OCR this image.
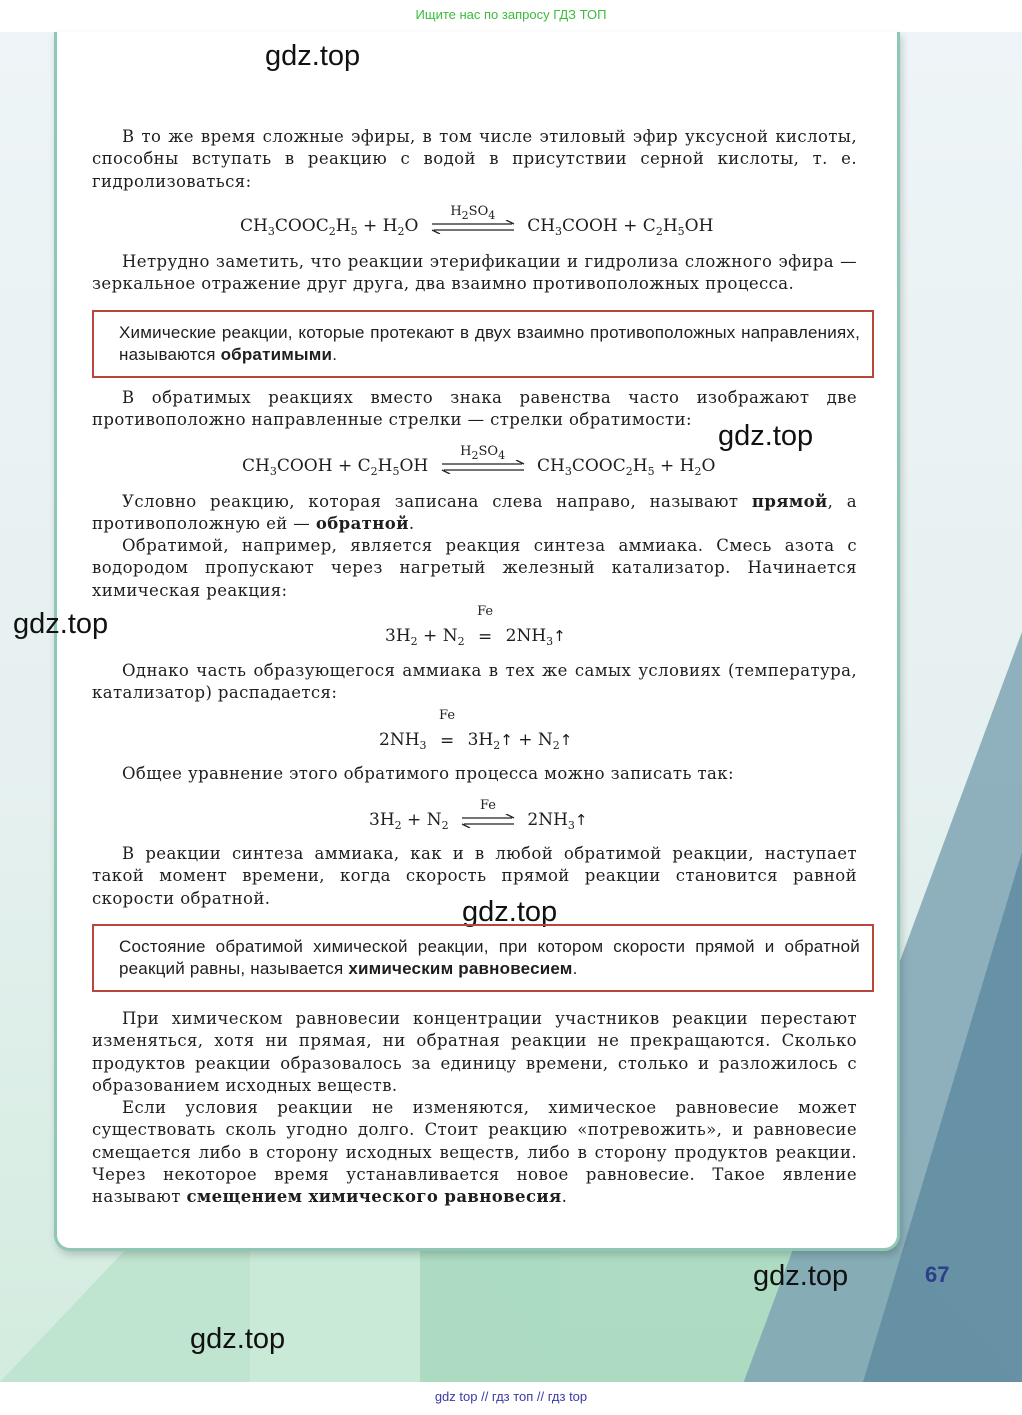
Ищите нас по запросу ГДЗ ТОП
gdz.top
gdz.top
gdz.top
gdz.top
gdz.top
gdz.top
В то же время сложные эфиры, в том числе этиловый эфир уксусной кислоты, способны вступать в реакцию с водой в присутствии серной кислоты, т. е. гидролизоваться:
$CH_3COOC_2H_5 + H_2O$
$H_2SO_4$
$CH_3COOH + C_2H_5OH$
Нетрудно заметить, что реакции этерификации и гидролиза сложного эфира — зеркальное отражение друг друга, два взаимно противоположных процесса.
Химические реакции, которые протекают в двух взаимно противоположных направлениях, называются обратимыми.
В обратимых реакциях вместо знака равенства часто изображают две противоположно направленные стрелки — стрелки обратимости:
$CH_3COOH + C_2H_5OH$
$H_2SO_4$
$CH_3COOC_2H_5 + H_2O$
Условно реакцию, которая записана слева направо, называют прямой, а противоположную ей — обратной.
Обратимой, например, является реакция синтеза аммиака. Смесь азота с водородом пропускают через нагретый железный катализатор. Начинается химическая реакция:
$3H_2 + N_2$
Fe
= $2NH_3↑$
Однако часть образующегося аммиака в тех же самых условиях (температура, катализатор) распадается:
$2NH_3$
Fe
= $3H_2↑$ + $N_2↑$
Общее уравнение этого обратимого процесса можно записать так:
$3H_2 + N_2$
Fe
$2NH_3↑$
В реакции синтеза аммиака, как и в любой обратимой реакции, наступает такой момент времени, когда скорость прямой реакции становится равной скорости обратной.
Состояние обратимой химической реакции, при котором скорости прямой и обратной реакций равны, называется химическим равновесием.
При химическом равновесии концентрации участников реакции перестают изменяться, хотя ни прямая, ни обратная реакции не прекращаются. Сколько продуктов реакции образовалось за единицу времени, столько и разложилось с образованием исходных веществ.
Если условия реакции не изменяются, химическое равновесие может существовать сколь угодно долго. Стоит реакцию «потревожить», и равновесие смещается либо в сторону исходных веществ, либо в сторону продуктов реакции. Через некоторое время устанавливается новое равновесие. Такое явление называют смещением химического равновесия.
67
gdz top // гдз топ // гдз top
